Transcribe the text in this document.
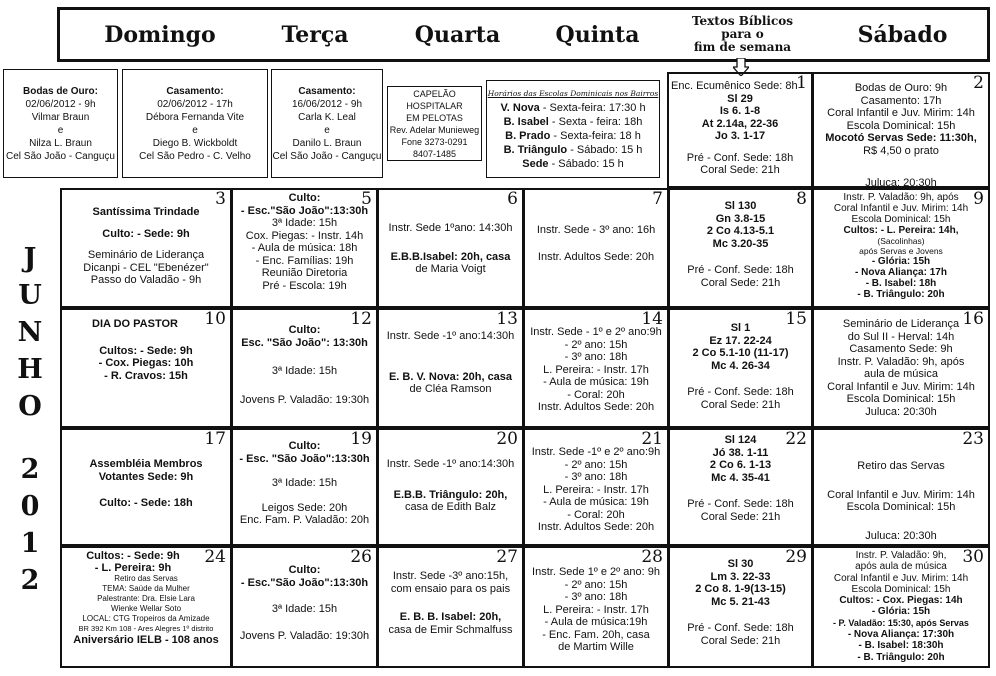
Domingo	Terça	Quarta	Quinta
Textos Bíblicos
para o
fim de semana	Sábado
Bodas de Ouro:
02/06/2012 - 9h
Vilmar Braun
e
Nilza L. Braun
Cel São João - Canguçu
Casamento:
02/06/2012 - 17h
Débora Fernanda Vite
e
Diego B. Wickboldt
Cel São Pedro - C. Velho
Casamento:
16/06/2012 - 9h
Carla K. Leal
e
Danilo L. Braun
Cel São João - Canguçu
CAPELÃO HOSPITALAR
EM PELOTAS
Rev. Adelar Munieweg
Fone 3273-0291
8407-1485
Horários das Escolas Dominicais nos Bairros
V. Nova - Sexta-feira: 17:30 h
B. Isabel - Sexta - feira: 18h
B. Prado - Sexta-feira: 18 h
B. Triângulo - Sábado: 15 h
Sede - Sábado: 15 h
J
U
N
H
O
2
0
1
2
1
Enc. Ecumênico Sede: 8h
Sl 29
Is 6. 1-8
At 2.14a, 22-36
Jo 3. 1-17
Pré - Conf. Sede: 18h
Coral Sede: 21h
2
Bodas de Ouro: 9h
Casamento: 17h
Coral Infantil e Juv. Mirim: 14h
Escola Dominical: 15h
Mocotó Servas Sede: 11:30h,
R$ 4,50 o prato
Juluca: 20:30h
3
Santíssima Trindade
Culto: - Sede: 9h
Seminário de Liderança
Dicanpi - CEL "Ebenézer"
Passo do Valadão - 9h
5
Culto:
- Esc."São João":13:30h
3ª Idade: 15h
Cox. Piegas: - Instr. 14h
- Aula de música: 18h
- Enc. Famílias: 19h
Reunião Diretoria
Pré - Escola: 19h
6
Instr. Sede 1ºano: 14:30h
E.B.B.Isabel: 20h, casa
de Maria Voigt
7
Instr. Sede - 3º ano: 16h
Instr. Adultos Sede: 20h
8
Sl 130
Gn 3.8-15
2 Co 4.13-5.1
Mc 3.20-35
Pré - Conf. Sede: 18h
Coral Sede: 21h
9
Instr. P. Valadão: 9h, após
Coral Infantil e Juv. Mirim: 14h
Escola Dominical: 15h
Cultos: - L. Pereira: 14h,
(Sacolinhas)
após Servas e Jovens
- Glória: 15h
- Nova Aliança: 17h
- B. Isabel: 18h
- B. Triângulo: 20h
10
DIA DO PASTOR
Cultos: - Sede: 9h
- Cox. Piegas: 10h
- R. Cravos: 15h
12
Culto:
Esc. "São João": 13:30h
3ª Idade: 15h
Jovens P. Valadão: 19:30h
13
Instr. Sede -1º ano:14:30h
E. B. V. Nova: 20h, casa
de Cléa Ramson
14
Instr. Sede - 1º e 2º ano:9h
- 2º ano: 15h
- 3º ano: 18h
L. Pereira: - Instr. 17h
- Aula de música: 19h
- Coral: 20h
Instr. Adultos Sede: 20h
15
Sl 1
Ez 17. 22-24
2 Co 5.1-10 (11-17)
Mc 4. 26-34
Pré - Conf. Sede: 18h
Coral Sede: 21h
16
Seminário de Liderança
do Sul II - Herval: 14h
Casamento Sede: 9h
Instr. P. Valadão: 9h, após
aula de música
Coral Infantil e Juv. Mirim: 14h
Escola Dominical: 15h
Juluca: 20:30h
17
Assembléia Membros
Votantes Sede: 9h
Culto: - Sede: 18h
19
Culto:
- Esc. "São João":13:30h
3ª Idade: 15h
Leigos Sede: 20h
Enc. Fam. P. Valadão: 20h
20
Instr. Sede -1º ano:14:30h
E.B.B. Triângulo: 20h,
casa de Edith Balz
21
Instr. Sede -1º e 2º ano:9h
- 2º ano: 15h
- 3º ano: 18h
L. Pereira: - Instr. 17h
- Aula de música: 19h
- Coral: 20h
Instr. Adultos Sede: 20h
22
Sl 124
Jó 38. 1-11
2 Co 6. 1-13
Mc 4. 35-41
Pré - Conf. Sede: 18h
Coral Sede: 21h
23
Retiro das Servas
Coral Infantil e Juv. Mirim: 14h
Escola Dominical: 15h
Juluca: 20:30h
24
Cultos: - Sede: 9h
- L. Pereira: 9h
Retiro das Servas
TEMA: Saúde da Mulher
Palestrante: Dra. Elsie Lara
Wienke Wellar Soto
LOCAL: CTG Tropeiros da Amizade
BR 392 Km 108 - Ares Alegres 1º distrito
Aniversário IELB - 108 anos
26
Culto:
- Esc."São João":13:30h
3ª Idade: 15h
Jovens P. Valadão: 19:30h
27
Instr. Sede -3º ano:15h,
com ensaio para os pais
E. B. B. Isabel: 20h,
casa de Emir Schmalfuss
28
Instr. Sede 1º e 2º ano: 9h
- 2º ano: 15h
- 3º ano: 18h
L. Pereira: - Instr. 17h
- Aula de música:19h
- Enc. Fam. 20h, casa
de Martim Wille
29
Sl 30
Lm 3. 22-33
2 Co 8. 1-9(13-15)
Mc 5. 21-43
Pré - Conf. Sede: 18h
Coral Sede: 21h
30
Instr. P. Valadão: 9h,
após aula de música
Coral Infantil e Juv. Mirim: 14h
Escola Dominical: 15h
Cultos: - Cox. Piegas: 14h
- Glória: 15h
- P. Valadão: 15:30, após Servas
- Nova Aliança: 17:30h
- B. Isabel: 18:30h
- B. Triângulo: 20h
